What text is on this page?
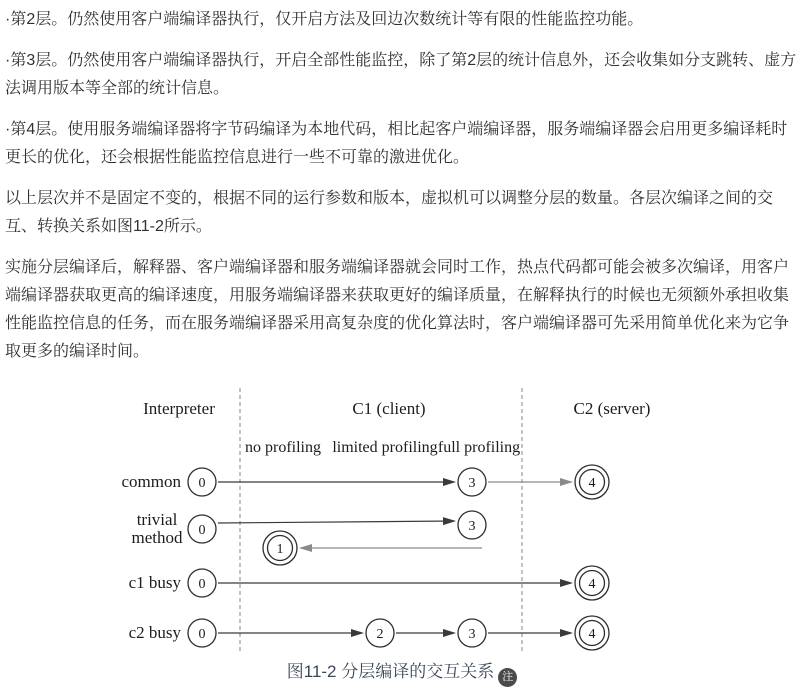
·第2层。仍然使用客户端编译器执行，仅开启方法及回边次数统计等有限的性能监控功能。

·第3层。仍然使用客户端编译器执行，开启全部性能监控，除了第2层的统计信息外，还会收集如分支跳转、虚方法调用版本等全部的统计信息。

·第4层。使用服务端编译器将字节码编译为本地代码，相比起客户端编译器，服务端编译器会启用更多编译耗时更长的优化，还会根据性能监控信息进行一些不可靠的激进优化。

以上层次并不是固定不变的，根据不同的运行参数和版本，虚拟机可以调整分层的数量。各层次编译之间的交互、转换关系如图11-2所示。

实施分层编译后，解释器、客户端编译器和服务端编译器就会同时工作，热点代码都可能会被多次编译，用客户端编译器获取更高的编译速度，用服务端编译器来获取更好的编译质量，在解释执行的时候也无须额外承担收集性能监控信息的任务，而在服务端编译器采用高复杂度的优化算法时，客户端编译器可先采用简单优化来为它争取更多的编译时间。

Interpreter	C1 (client)	C2 (server)
no profiling limited profiling full profiling
common 0	3	4
trivial
method 0	3
1
c1 busy 0	4
c2 busy 0	2	3	4
图11-2 分层编译的交互关系 注
